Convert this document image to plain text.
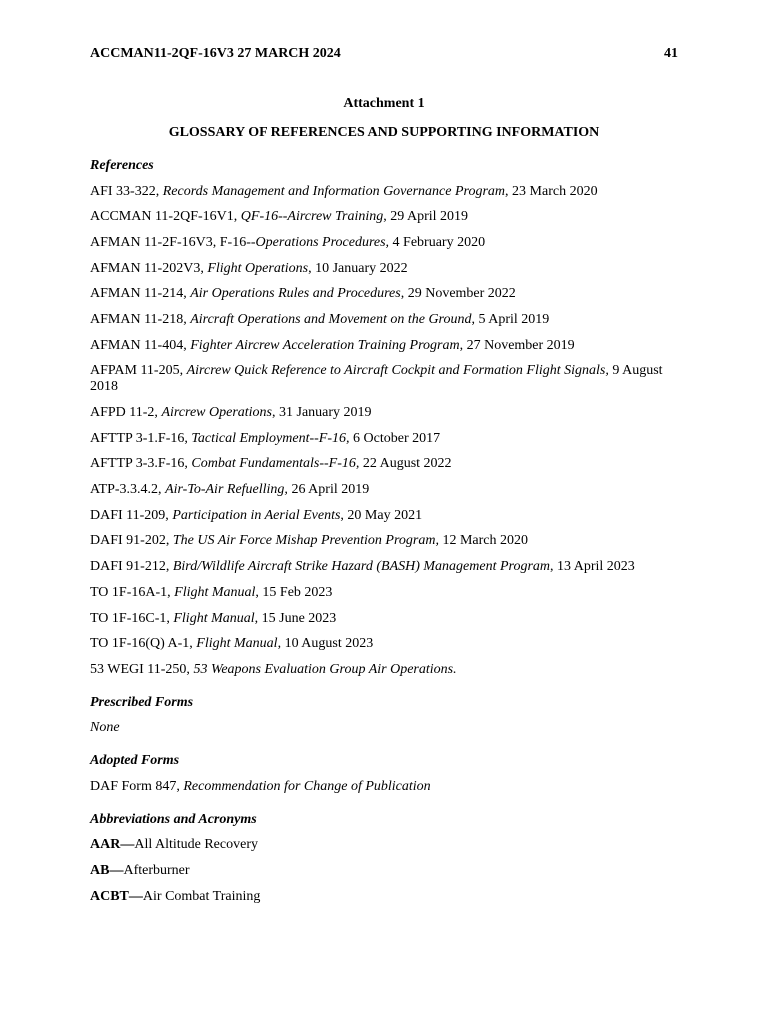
ACCMAN11-2QF-16V3 27 MARCH 2024	41
Attachment 1
GLOSSARY OF REFERENCES AND SUPPORTING INFORMATION

References

AFI 33-322, Records Management and Information Governance Program, 23 March 2020

ACCMAN 11-2QF-16V1, QF-16--Aircrew Training, 29 April 2019

AFMAN 11-2F-16V3, F-16--Operations Procedures, 4 February 2020

AFMAN 11-202V3, Flight Operations, 10 January 2022

AFMAN 11-214, Air Operations Rules and Procedures, 29 November 2022

AFMAN 11-218, Aircraft Operations and Movement on the Ground, 5 April 2019

AFMAN 11-404, Fighter Aircrew Acceleration Training Program, 27 November 2019

AFPAM 11-205, Aircrew Quick Reference to Aircraft Cockpit and Formation Flight Signals, 9 August 2018

AFPD 11-2, Aircrew Operations, 31 January 2019

AFTTP 3-1.F-16, Tactical Employment--F-16, 6 October 2017

AFTTP 3-3.F-16, Combat Fundamentals--F-16, 22 August 2022

ATP-3.3.4.2, Air-To-Air Refuelling, 26 April 2019

DAFI 11-209, Participation in Aerial Events, 20 May 2021

DAFI 91-202, The US Air Force Mishap Prevention Program, 12 March 2020

DAFI 91-212, Bird/Wildlife Aircraft Strike Hazard (BASH) Management Program, 13 April 2023

TO 1F-16A-1, Flight Manual, 15 Feb 2023

TO 1F-16C-1, Flight Manual, 15 June 2023

TO 1F-16(Q) A-1, Flight Manual, 10 August 2023

53 WEGI 11-250, 53 Weapons Evaluation Group Air Operations.

Prescribed Forms

None

Adopted Forms

DAF Form 847, Recommendation for Change of Publication

Abbreviations and Acronyms

AAR—All Altitude Recovery

AB—Afterburner

ACBT—Air Combat Training
